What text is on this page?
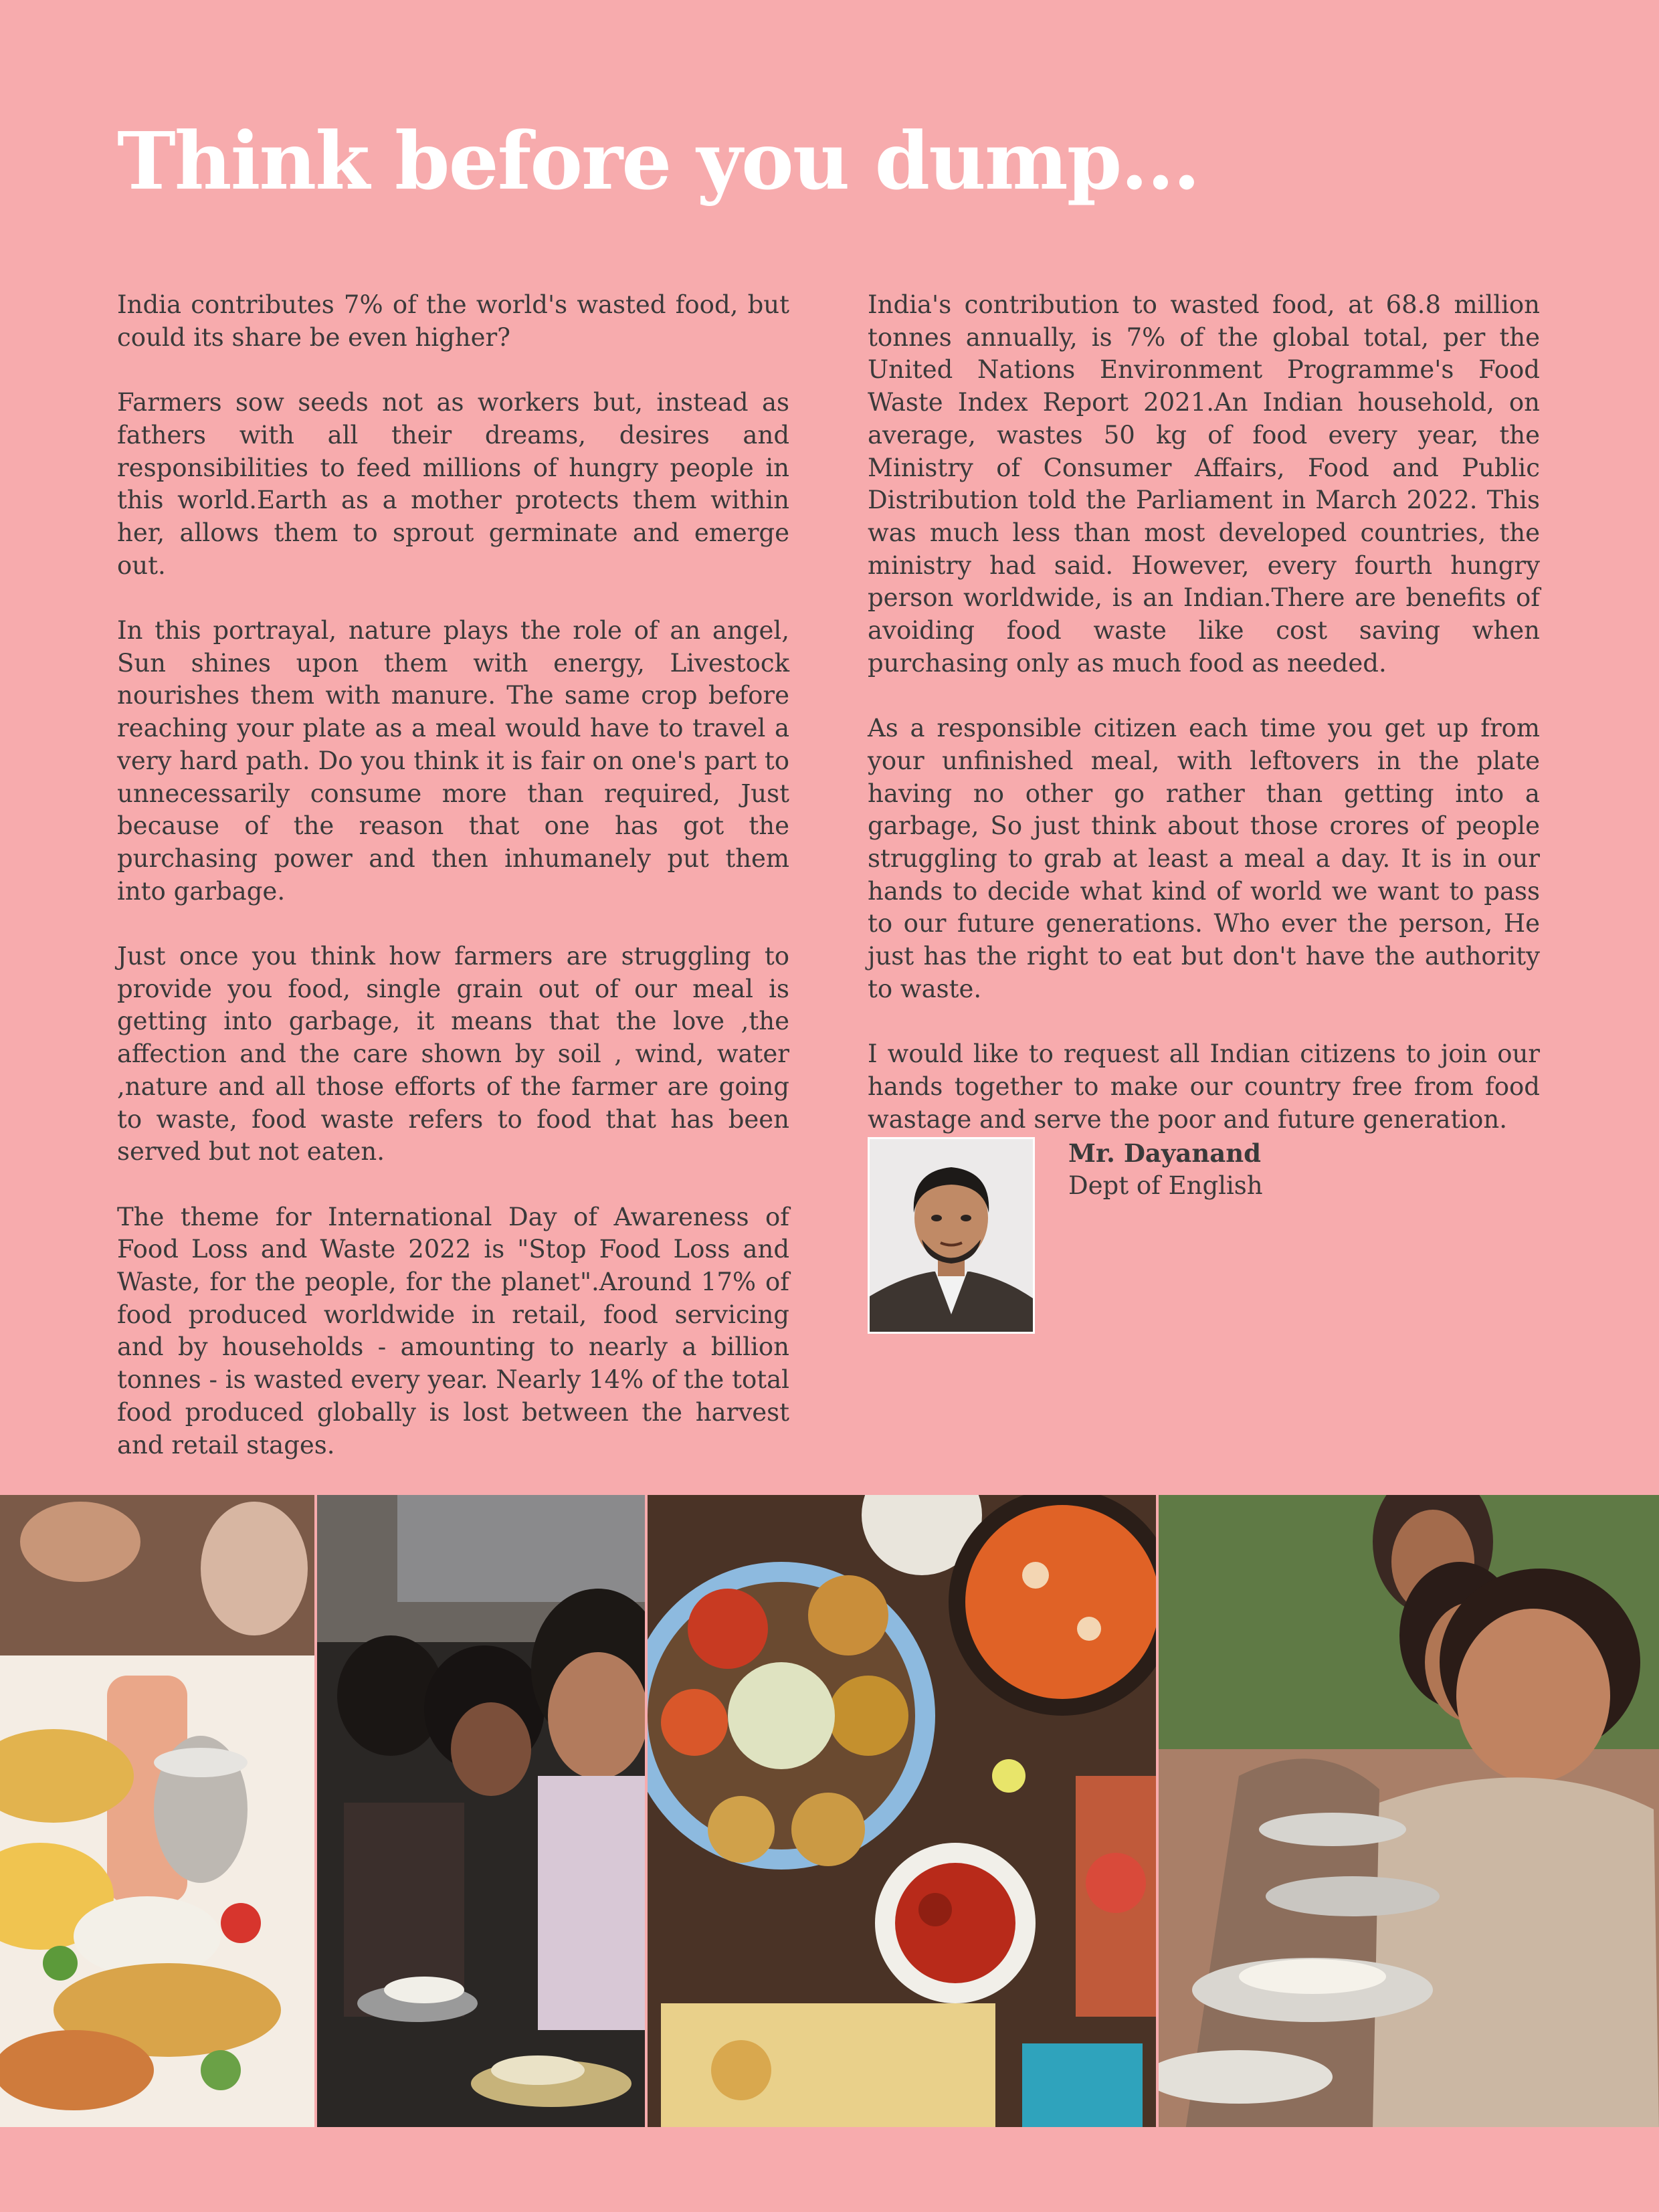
Think before you dump...

India contributes 7% of the world's wasted food, but could its share be even higher?

Farmers sow seeds not as workers but, instead as fathers with all their dreams, desires and responsibilities to feed millions of hungry people in this world.Earth as a mother protects them within her, allows them to sprout germinate and emerge out.

In this portrayal, nature plays the role of an angel, Sun shines upon them with energy, Livestock nourishes them with manure. The same crop before reaching your plate as a meal would have to travel a very hard path. Do you think it is fair on one's part to unnecessarily consume more than required, Just because of the reason that one has got the purchasing power and then inhumanely put them into garbage.

Just once you think how farmers are struggling to provide you food, single grain out of our meal is getting into garbage, it means that the love ,the affection and the care shown by soil , wind, water ,nature and all those efforts of the farmer are going to waste, food waste refers to food that has been served but not eaten.

The theme for International Day of Awareness of Food Loss and Waste 2022 is "Stop Food Loss and Waste, for the people, for the planet".Around 17% of food produced worldwide in retail, food servicing and by households - amounting to nearly a billion tonnes - is wasted every year. Nearly 14% of the total food produced globally is lost between the harvest and retail stages.

India's contribution to wasted food, at 68.8 million tonnes annually, is 7% of the global total, per the United Nations Environment Programme's Food Waste Index Report 2021.An Indian household, on average, wastes 50 kg of food every year, the Ministry of Consumer Affairs, Food and Public Distribution told the Parliament in March 2022. This was much less than most developed countries, the ministry had said. However, every fourth hungry person worldwide, is an Indian.There are benefits of avoiding food waste like cost saving when purchasing only as much food as needed.

As a responsible citizen each time you get up from your unfinished meal, with leftovers in the plate having no other go rather than getting into a garbage, So just think about those crores of people struggling to grab at least a meal a day. It is in our hands to decide what kind of world we want to pass to our future generations. Who ever the person, He just has the right to eat but don't have the authority to waste.

I would like to request all Indian citizens to join our hands together to make our country free from food wastage and serve the poor and future generation.

Mr. Dayanand
Dept of English
